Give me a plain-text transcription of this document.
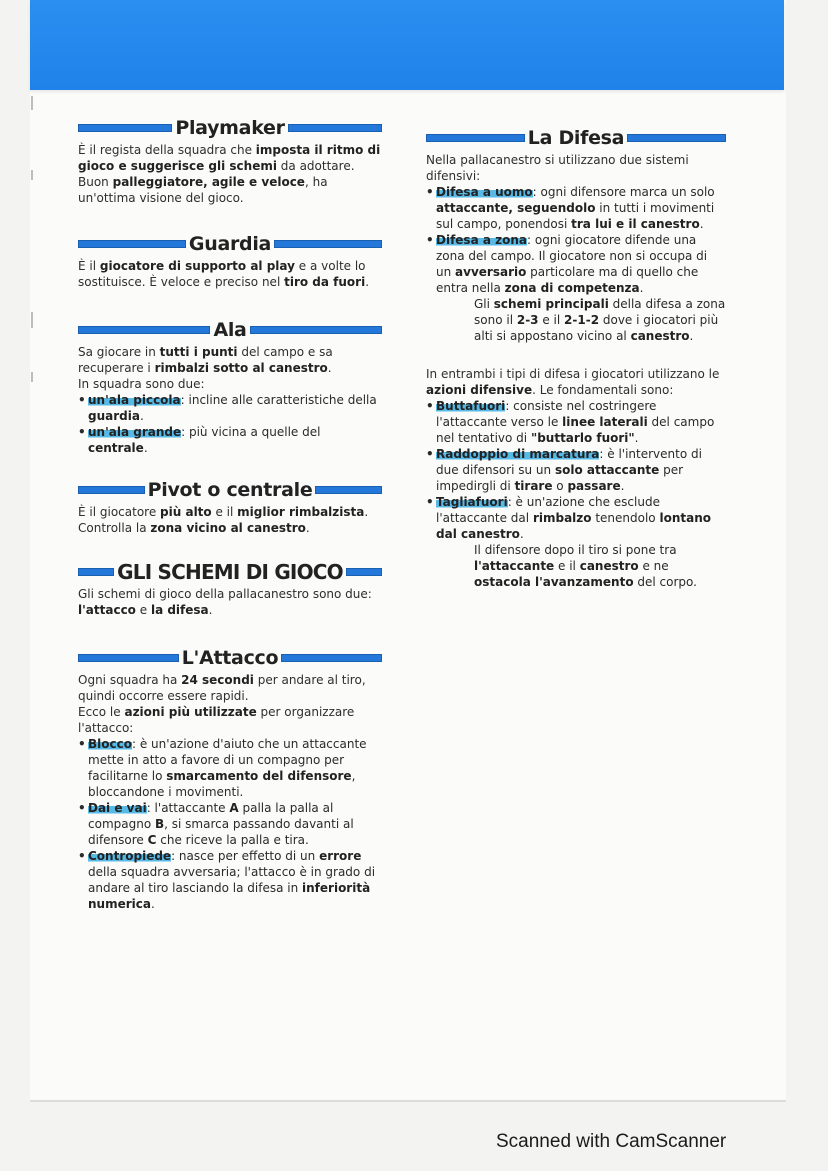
Playmaker

È il regista della squadra che imposta il ritmo di gioco e suggerisce gli schemi da adottare.

Buon palleggiatore, agile e veloce, ha un'ottima visione del gioco.

Guardia

È il giocatore di supporto al play e a volte lo sostituisce. È veloce e preciso nel tiro da fuori.

Ala

Sa giocare in tutti i punti del campo e sa recuperare i rimbalzi sotto al canestro.

In squadra sono due:

• un'ala piccola: incline alle caratteristiche della guardia.
• un'ala grande: più vicina a quelle del centrale.
Pivot o centrale

È il giocatore più alto e il miglior rimbalzista. Controlla la zona vicino al canestro.

GLI SCHEMI DI GIOCO

Gli schemi di gioco della pallacanestro sono due: l'attacco e la difesa.

L'Attacco

Ogni squadra ha 24 secondi per andare al tiro, quindi occorre essere rapidi.

Ecco le azioni più utilizzate per organizzare l'attacco:

• Blocco: è un'azione d'aiuto che un attaccante mette in atto a favore di un compagno per facilitarne lo smarcamento del difensore, bloccandone i movimenti.
• Dai e vai: l'attaccante A palla la palla al compagno B, si smarca passando davanti al difensore C che riceve la palla e tira.
• Contropiede: nasce per effetto di un errore della squadra avversaria; l'attacco è in grado di andare al tiro lasciando la difesa in inferiorità numerica.
La Difesa

Nella pallacanestro si utilizzano due sistemi difensivi:

• Difesa a uomo: ogni difensore marca un solo attaccante, seguendolo in tutti i movimenti sul campo, ponendosi tra lui e il canestro.
• Difesa a zona: ogni giocatore difende una zona del campo. Il giocatore non si occupa di un avversario particolare ma di quello che entra nella zona di competenza.
Gli schemi principali della difesa a zona sono il 2-3 e il 2-1-2 dove i giocatori più alti si appostano vicino al canestro.

In entrambi i tipi di difesa i giocatori utilizzano le azioni difensive. Le fondamentali sono:

• Buttafuori: consiste nel costringere l'attaccante verso le linee laterali del campo nel tentativo di "buttarlo fuori".
• Raddoppio di marcatura: è l'intervento di due difensori su un solo attaccante per impedirgli di tirare o passare.
• Tagliafuori: è un'azione che esclude l'attaccante dal rimbalzo tenendolo lontano dal canestro.
Il difensore dopo il tiro si pone tra l'attaccante e il canestro e ne ostacola l'avanzamento del corpo.
Scanned with CamScanner
